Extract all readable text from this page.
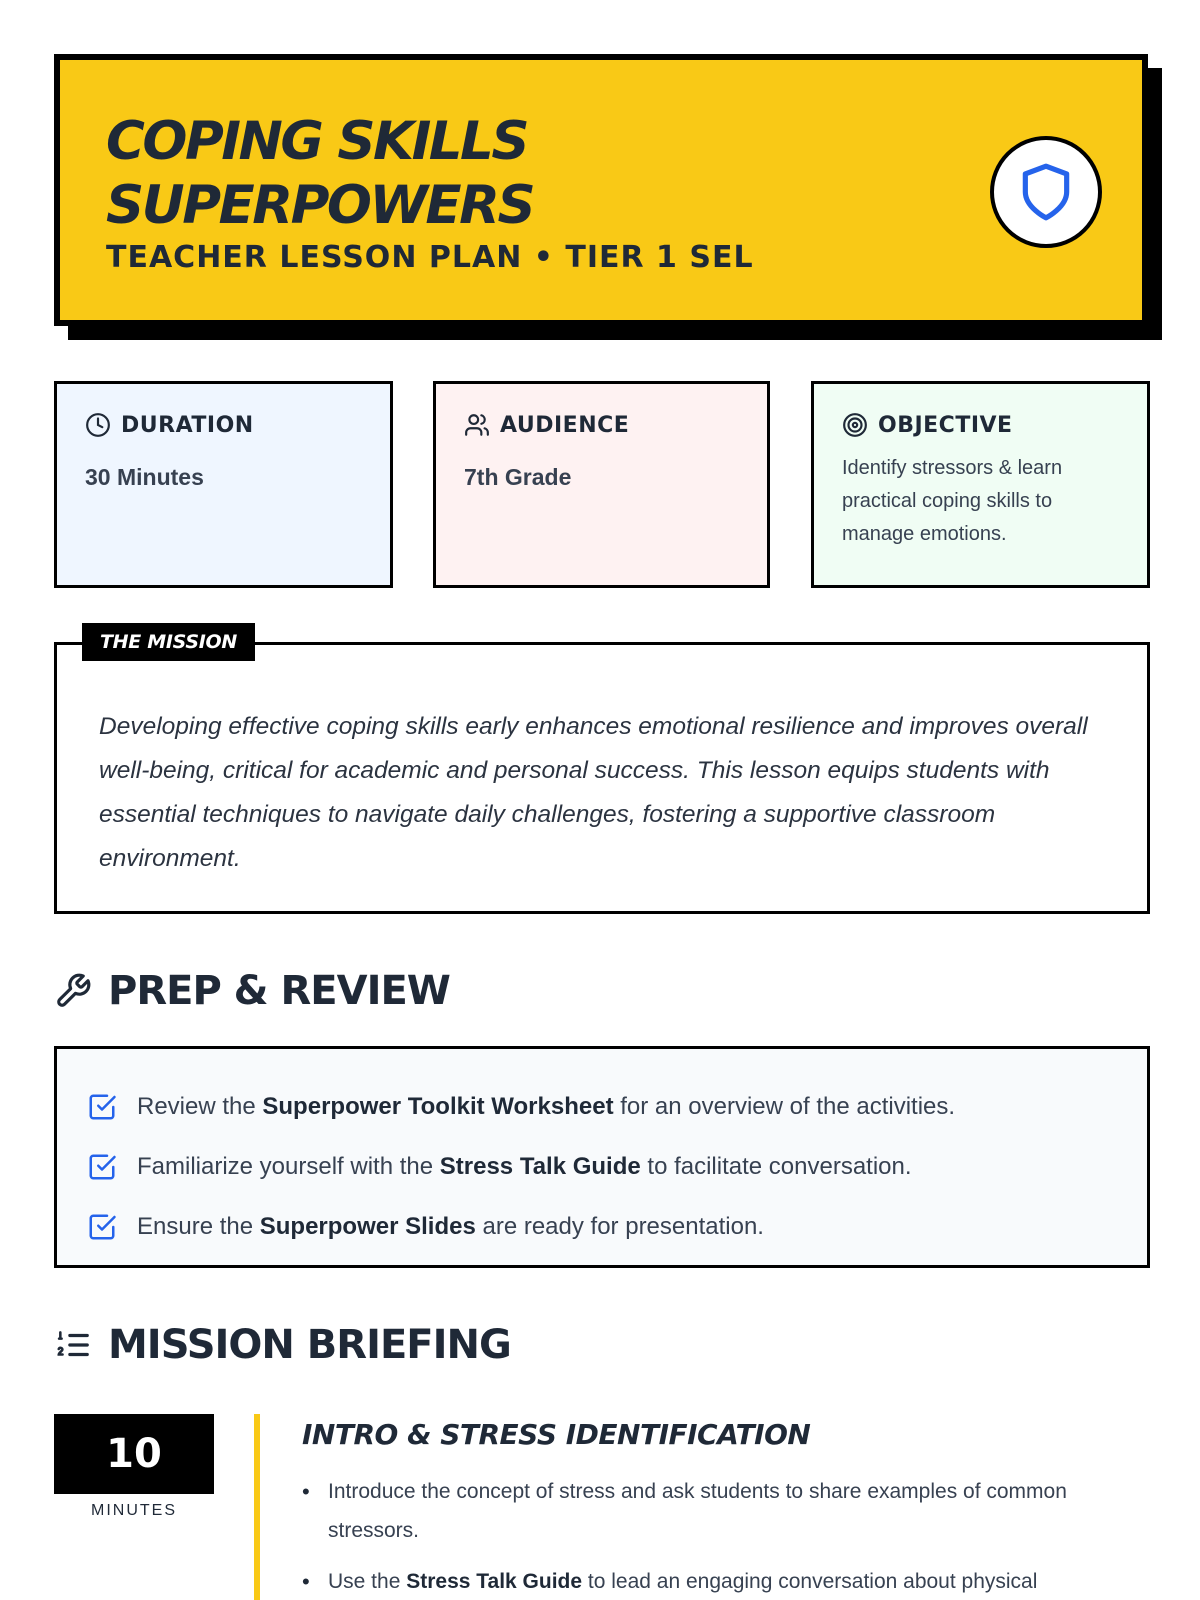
COPING SKILLS
SUPERPOWERS
TEACHER LESSON PLAN • TIER 1 SEL
DURATION
30 Minutes
AUDIENCE
7th Grade
OBJECTIVE
Identify stressors & learn practical coping skills to manage emotions.
THE MISSION

Developing effective coping skills early enhances emotional resilience and improves overall well-being, critical for academic and personal success. This lesson equips students with essential techniques to navigate daily challenges, fostering a supportive classroom environment.

PREP & REVIEW
Review the Superpower Toolkit Worksheet for an overview of the activities.
Familiarize yourself with the Stress Talk Guide to facilitate conversation.
Ensure the Superpower Slides are ready for presentation.
MISSION BRIEFING
10
MINUTES
INTRO & STRESS IDENTIFICATION
• Introduce the concept of stress and ask students to share examples of common stressors.
• Use the Stress Talk Guide to lead an engaging conversation about physical
